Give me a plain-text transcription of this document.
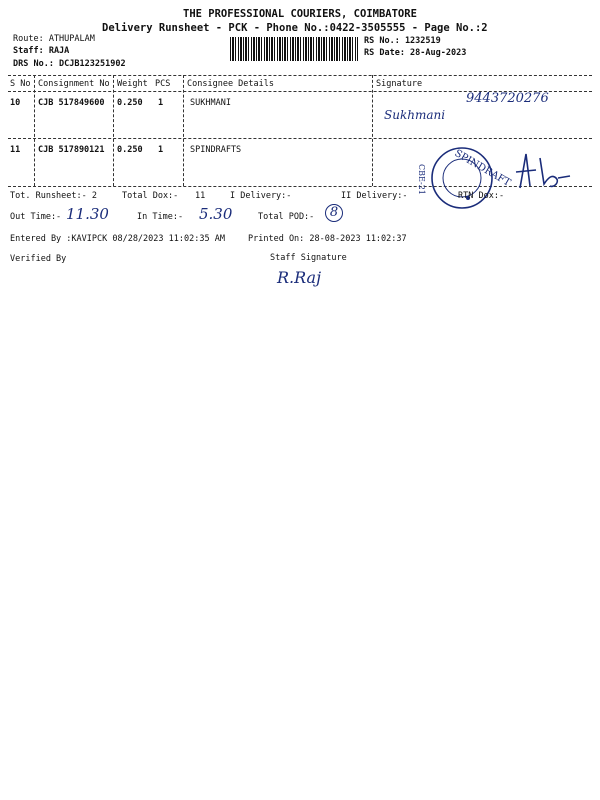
THE PROFESSIONAL COURIERS, COIMBATORE
Delivery Runsheet - PCK - Phone No.:0422-3505555 - Page No.:2
Route: ATHUPALAM
Staff: RAJA
DRS No.: DCJB123251902
RS No.: 1232519
RS Date: 28-Aug-2023
S No Consignment No Weight PCS Consignee Details	Signature
10 CJB 517849600 0.250 1	SUKHMANI
11 CJB 517890121 0.250 1	SPINDRAFTS
9443720276
Sukhmani
SPINDRAFT
CBE-21
Tot. Runsheet:- 2	Total Dox:- 11	I Delivery:-	II Delivery:-	RTN Dox:-
Out Time:- 11.30	In Time:- 5.30	Total POD:-	8
Entered By :KAVIPCK 08/28/2023 11:02:35 AM	Printed On: 28-08-2023 11:02:37
Verified By	Staff Signature
R.Raj
